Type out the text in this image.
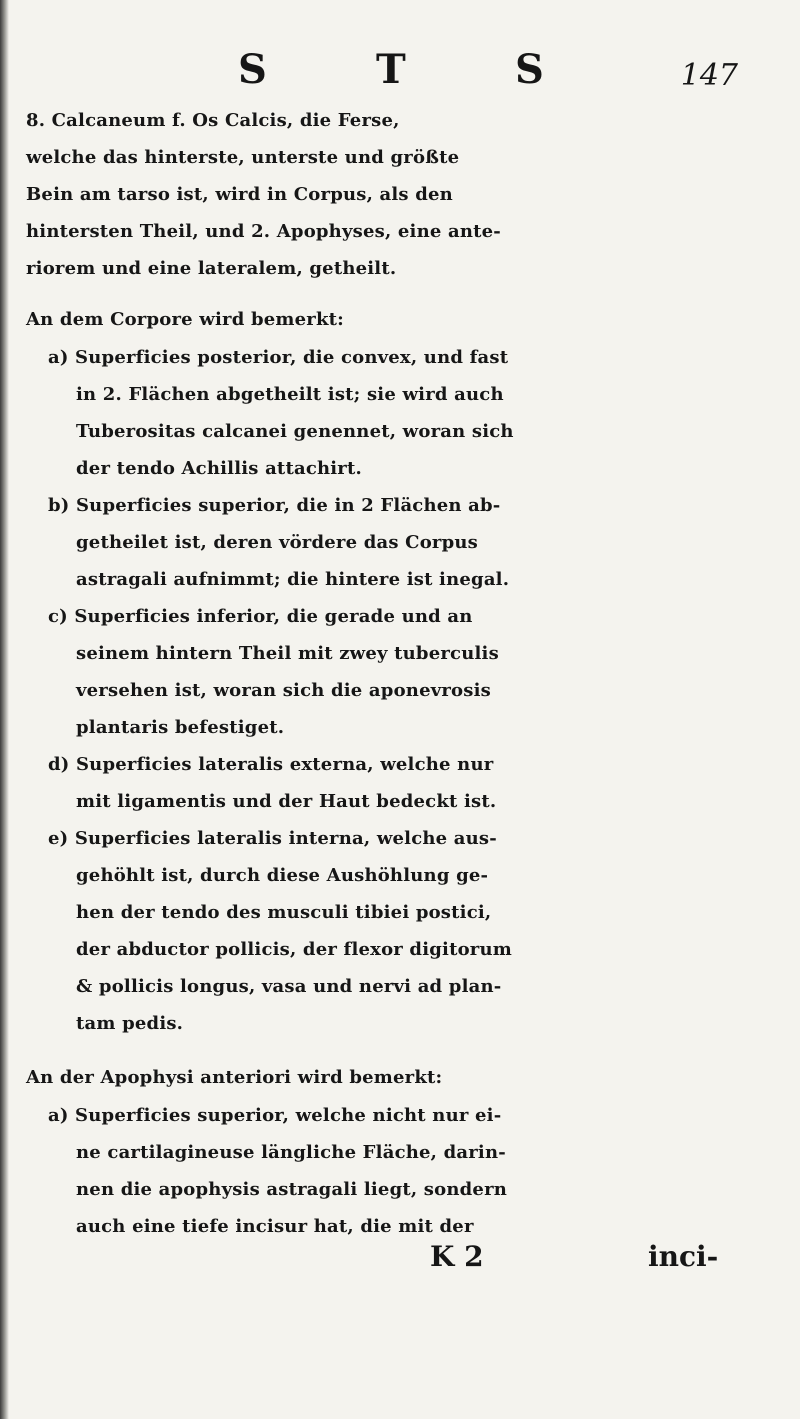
S	T	S	147
8. Calcaneum f. Os Calcis, die Ferse,
welche das hinterste, unterste und größte
Bein am tarso ist, wird in Corpus, als den
hintersten Theil, und 2. Apophyses, eine ante-
riorem und eine lateralem, getheilt.
An dem Corpore wird bemerkt:
a) Superficies posterior, die convex, und fast
in 2. Flächen abgetheilt ist; sie wird auch
Tuberositas calcanei genennet, woran sich
der tendo Achillis attachirt.
b) Superficies superior, die in 2 Flächen ab-
getheilet ist, deren vördere das Corpus
astragali aufnimmt; die hintere ist inegal.
c) Superficies inferior, die gerade und an
seinem hintern Theil mit zwey tuberculis
versehen ist, woran sich die aponevrosis
plantaris befestiget.
d) Superficies lateralis externa, welche nur
mit ligamentis und der Haut bedeckt ist.
e) Superficies lateralis interna, welche aus-
gehöhlt ist, durch diese Aushöhlung ge-
hen der tendo des musculi tibiei postici,
der abductor pollicis, der flexor digitorum
& pollicis longus, vasa und nervi ad plan-
tam pedis.
An der Apophysi anteriori wird bemerkt:
a) Superficies superior, welche nicht nur ei-
ne cartilagineuse längliche Fläche, darin-
nen die apophysis astragali liegt, sondern
auch eine tiefe incisur hat, die mit der
K 2	inci-
